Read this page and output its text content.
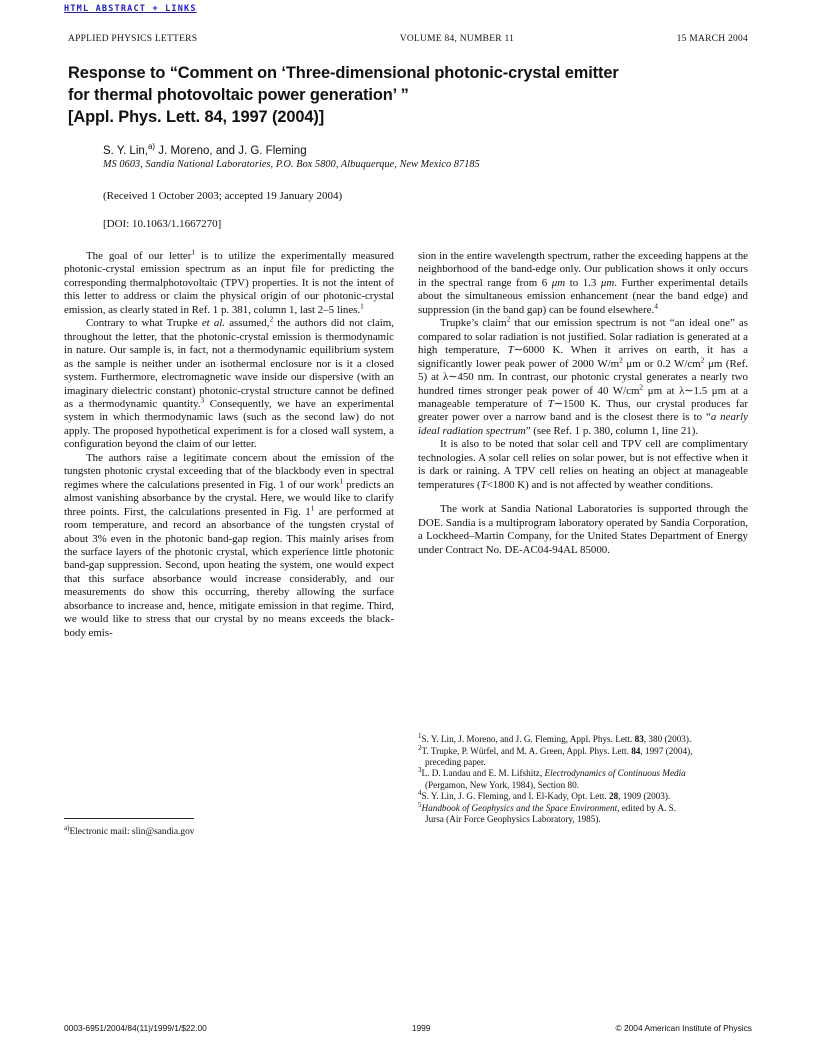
HTML ABSTRACT + LINKS
APPLIED PHYSICS LETTERS	VOLUME 84, NUMBER 11	15 MARCH 2004
Response to “Comment on ‘Three-dimensional photonic-crystal emitter
for thermal photovoltaic power generation’ ”
[Appl. Phys. Lett. 84, 1997 (2004)]
S. Y. Lin,$^{a)}$ J. Moreno, and J. G. Fleming
MS 0603, Sandia National Laboratories, P.O. Box 5800, Albuquerque, New Mexico 87185
(Received 1 October 2003; accepted 19 January 2004)
[DOI: 10.1063/1.1667270]

The goal of our letter$^1$ is to utilize the experimentally measured photonic-crystal emission spectrum as an input file for predicting the corresponding thermalphotovoltaic (TPV) properties. It is not the intent of this letter to address or claim the physical origin of our photonic-crystal emission, as clearly stated in Ref. 1 p. 381, column 1, last 2–5 lines.$^1$

Contrary to what Trupke et al. assumed,$^2$ the authors did not claim, throughout the letter, that the photonic-crystal emission is thermodynamic in nature. Our sample is, in fact, not a thermodynamic equilibrium system as the sample is neither under an isothermal enclosure nor is it a closed system. Furthermore, electromagnetic wave inside our dispersive (with an imaginary dielectric constant) photonic-crystal structure cannot be defined as a thermodynamic quantity.$^3$ Consequently, we have an experimental system in which thermodynamic laws (such as the second law) do not apply. The proposed hypothetical experiment is for a closed wall system, a configuration beyond the claim of our letter.

The authors raise a legitimate concern about the emission of the tungsten photonic crystal exceeding that of the blackbody even in spectral regimes where the calculations presented in Fig. 1 of our work$^1$ predicts an almost vanishing absorbance by the crystal. Here, we would like to clarify three points. First, the calculations presented in Fig. 1$^1$ are performed at room temperature, and record an absorbance of the tungsten crystal of about 3% even in the photonic band-gap region. This mainly arises from the surface layers of the photonic crystal, which experience little photonic band-gap suppression. Second, upon heating the system, one would expect that this surface absorbance would increase considerably, and our measurements do show this occurring, thereby allowing the surface absorbance to increase and, hence, mitigate emission in that regime. Third, we would like to stress that our crystal by no means exceeds the black-body emis-

sion in the entire wavelength spectrum, rather the exceeding happens at the neighborhood of the band-edge only. Our publication shows it only occurs in the spectral range from 6 μm to 1.3 μm. Further experimental details about the simultaneous emission enhancement (near the band edge) and suppression (in the band gap) can be found elsewhere.$^4$

Trupke’s claim$^2$ that our emission spectrum is not “an ideal one” as compared to solar radiation is not justified. Solar radiation is generated at a high temperature, T∼6000 K. When it arrives on earth, it has a significantly lower peak power of 2000 W/m$^2$ μm or 0.2 W/cm$^2$ μm (Ref. 5) at λ∼450 nm. In contrast, our photonic crystal generates a nearly two hundred times stronger peak power of 40 W/cm$^2$ μm at λ∼1.5 μm at a manageable temperature of T∼1500 K. Thus, our crystal produces far greater power over a narrow band and is the closest there is to “a nearly ideal radiation spectrum” (see Ref. 1 p. 380, column 1, line 21).

It is also to be noted that solar cell and TPV cell are complimentary technologies. A solar cell relies on solar power, but is not effective when it is dark or raining. A TPV cell relies on heating an object at manageable temperatures (T<1800 K) and is not affected by weather conditions.

The work at Sandia National Laboratories is supported through the DOE. Sandia is a multiprogram laboratory operated by Sandia Corporation, a Lockheed–Martin Company, for the United States Department of Energy under Contract No. DE-AC04-94AL 85000.

$^{a)}$Electronic mail: slin@sandia.gov
$^1$S. Y. Lin, J. Moreno, and J. G. Fleming, Appl. Phys. Lett. 83, 380 (2003).
$^2$T. Trupke, P. Würfel, and M. A. Green, Appl. Phys. Lett. 84, 1997 (2004),
preceding paper.
$^3$L. D. Landau and E. M. Lifshitz, Electrodynamics of Continuous Media
(Pergamon, New York, 1984), Section 80.
$^4$S. Y. Lin, J. G. Fleming, and I. El-Kady, Opt. Lett. 28, 1909 (2003).
$^5$Handbook of Geophysics and the Space Environment, edited by A. S.
Jursa (Air Force Geophysics Laboratory, 1985).
0003-6951/2004/84(11)/1999/1/$22.00	1999	© 2004 American Institute of Physics
